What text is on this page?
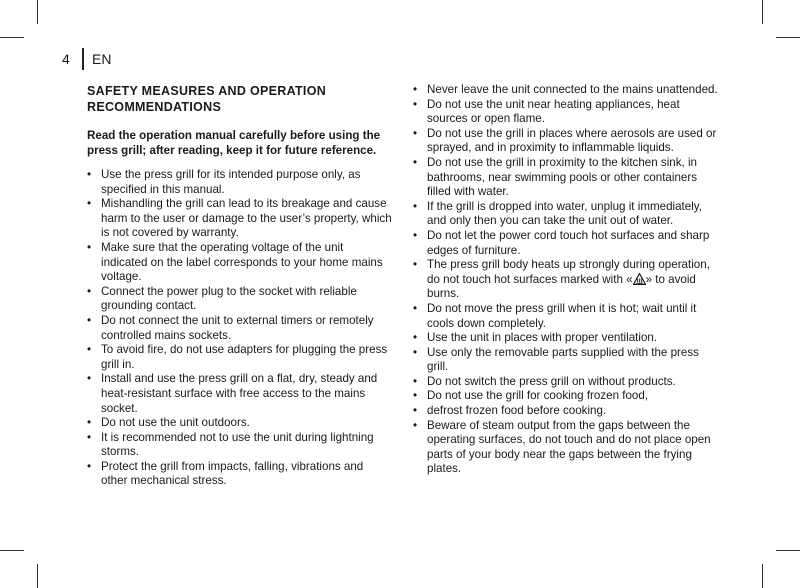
4	EN
SAFETY MEASURES AND OPERATION
RECOMMENDATIONS

Read the operation manual carefully before using the press grill; after reading, keep it for future reference.

• Use the press grill for its intended purpose only, as specified in this manual.
• Mishandling the grill can lead to its breakage and cause harm to the user or damage to the user’s property, which is not covered by warranty.
• Make sure that the operating voltage of the unit indicated on the label corresponds to your home mains voltage.
• Connect the power plug to the socket with reliable grounding contact.
• Do not connect the unit to external timers or remotely controlled mains sockets.
• To avoid fire, do not use adapters for plugging the press grill in.
• Install and use the press grill on a flat, dry, steady and heat-resistant surface with free access to the mains socket.
• Do not use the unit outdoors.
• It is recommended not to use the unit during lightning storms.
• Protect the grill from impacts, falling, vibrations and other mechanical stress.
• Never leave the unit connected to the mains unattended.
• Do not use the unit near heating appliances, heat sources or open flame.
• Do not use the grill in places where aerosols are used or sprayed, and in proximity to inflammable liquids.
• Do not use the grill in proximity to the kitchen sink, in bathrooms, near swimming pools or other containers filled with water.
• If the grill is dropped into water, unplug it immediately, and only then you can take the unit out of water.
• Do not let the power cord touch hot surfaces and sharp edges of furniture.
• The press grill body heats up strongly during operation, do not touch hot surfaces marked with « » to avoid burns.
• Do not move the press grill when it is hot; wait until it cools down completely.
• Use the unit in places with proper ventilation.
• Use only the removable parts supplied with the press grill.
• Do not switch the press grill on without products.
• Do not use the grill for cooking frozen food,
• defrost frozen food before cooking.
• Beware of steam output from the gaps between the operating surfaces, do not touch and do not place open parts of your body near the gaps between the frying plates.
